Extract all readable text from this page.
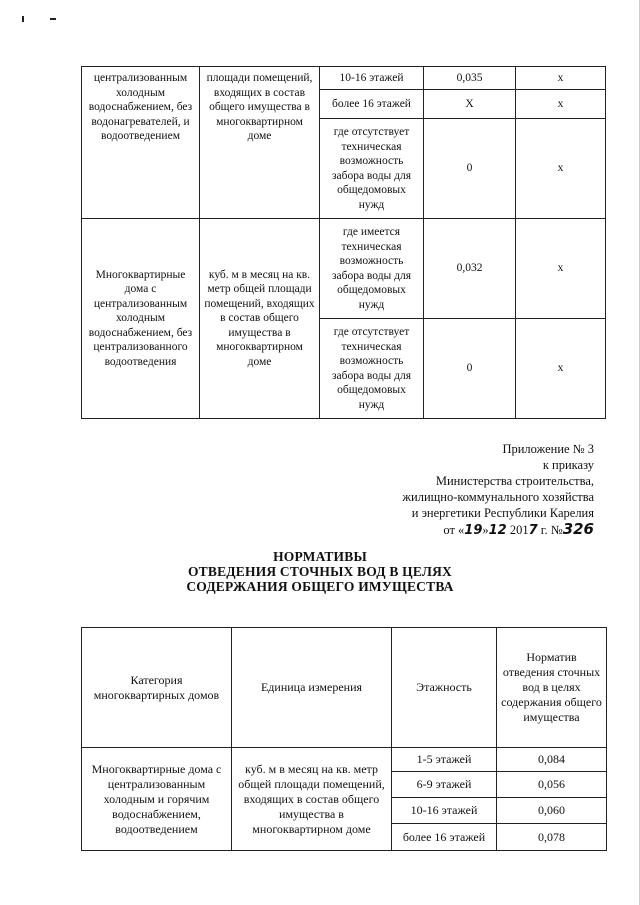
централизованным холодным водоснабжением, без водонагревателей, и водоотведением	площади помещений, входящих в состав общего имущества в многоквартирном доме	10-16 этажей	0,035	x
		более 16 этажей	X	x
		где отсутствует техническая возможность забора воды для общедомовых нужд	0	x
Многоквартирные дома с централизованным холодным водоснабжением, без централизованного водоотведения	куб. м в месяц на кв. метр общей площади помещений, входящих в состав общего имущества в многоквартирном доме	где имеется техническая возможность забора воды для общедомовых нужд	0,032	x
		где отсутствует техническая возможность забора воды для общедомовых нужд	0	x
Приложение № 3
к приказу
Министерства строительства,
жилищно-коммунального хозяйства
и энергетики Республики Карелия
от «19»12 2017 г. №326
НОРМАТИВЫ
ОТВЕДЕНИЯ СТОЧНЫХ ВОД В ЦЕЛЯХ
СОДЕРЖАНИЯ ОБЩЕГО ИМУЩЕСТВА
Категория многоквартирных домов	Единица измерения	Этажность	Норматив отведения сточных вод в целях содержания общего имущества
Многоквартирные дома с централизованным холодным и горячим водоснабжением, водоотведением	куб. м в месяц на кв. метр общей площади помещений, входящих в состав общего имущества в многоквартирном доме	1-5 этажей	0,084
		6-9 этажей	0,056
		10-16 этажей	0,060
		более 16 этажей	0,078
